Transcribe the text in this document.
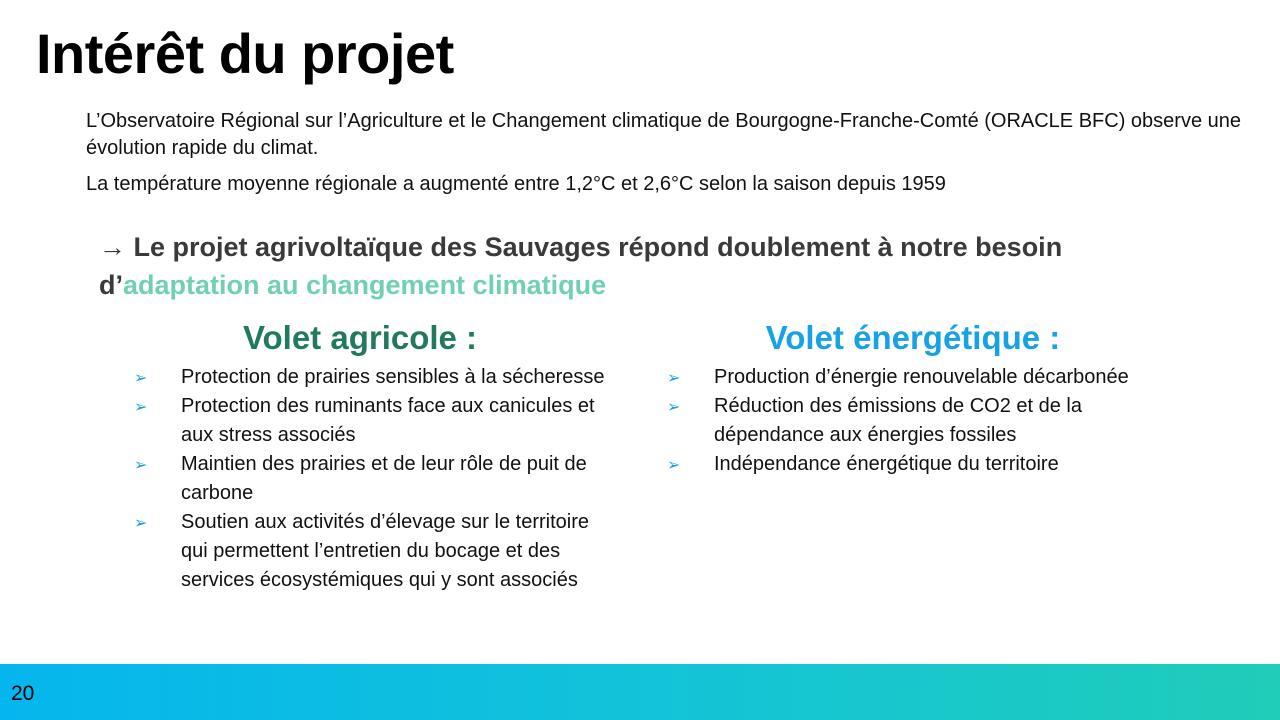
Intérêt du projet

L’Observatoire Régional sur l’Agriculture et le Changement climatique de Bourgogne-Franche-Comté (ORACLE BFC) observe une évolution rapide du climat.

La température moyenne régionale a augmenté entre 1,2°C et 2,6°C selon la saison depuis 1959

→ Le projet agrivoltaïque des Sauvages répond doublement à notre besoin d’adaptation au changement climatique
Volet agricole :
➢ Protection de prairies sensibles à la sécheresse
➢ Protection des ruminants face aux canicules et aux stress associés
➢ Maintien des prairies et de leur rôle de puit de carbone
➢ Soutien aux activités d’élevage sur le territoire qui permettent l’entretien du bocage et des services écosystémiques qui y sont associés
Volet énergétique :
➢ Production d’énergie renouvelable décarbonée
➢ Réduction des émissions de CO2 et de la dépendance aux énergies fossiles
➢ Indépendance énergétique du territoire
20
